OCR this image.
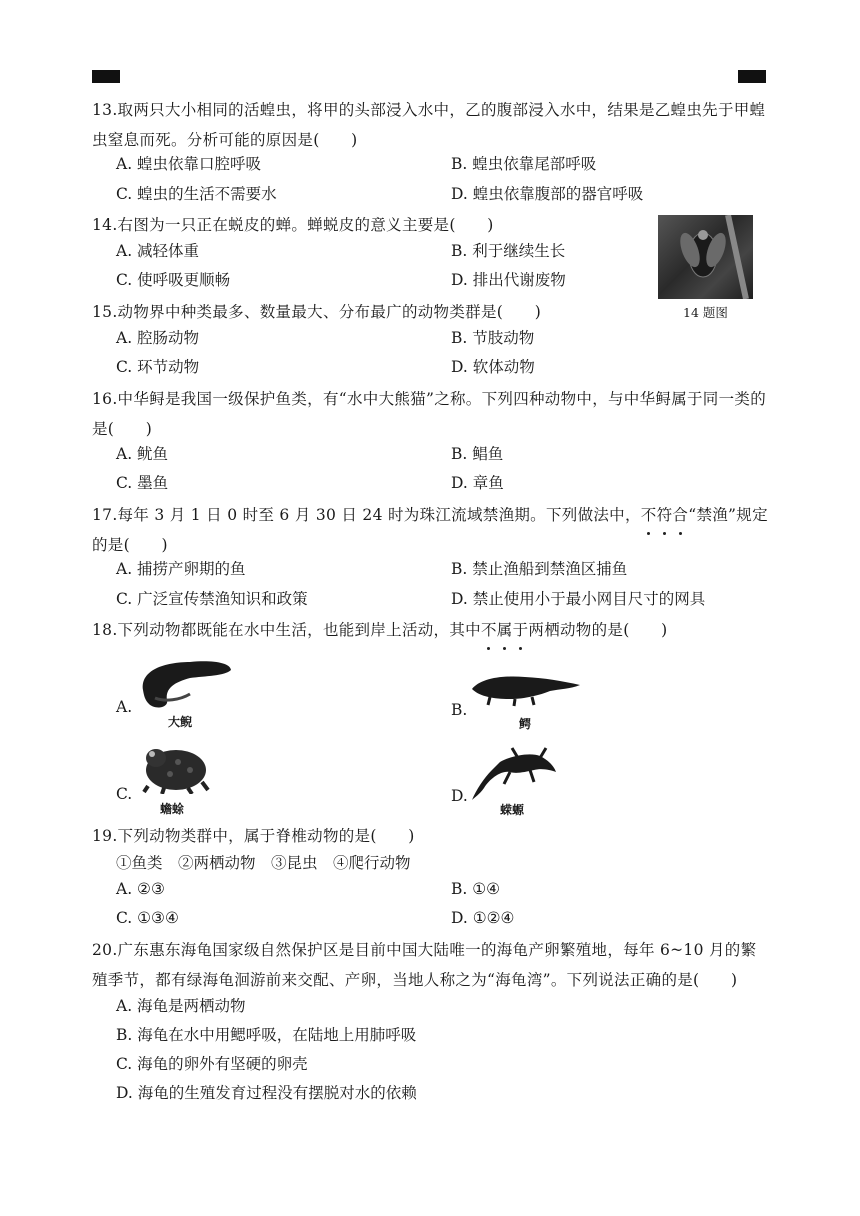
13.取两只大小相同的活蝗虫，将甲的头部浸入水中，乙的腹部浸入水中，结果是乙蝗虫先于甲蝗虫窒息而死。分析可能的原因是(　　)
A. 蝗虫依靠口腔呼吸	B. 蝗虫依靠尾部呼吸
C. 蝗虫的生活不需要水	D. 蝗虫依靠腹部的器官呼吸
14.右图为一只正在蜕皮的蝉。蝉蜕皮的意义主要是(　　)
A. 减轻体重	B. 利于继续生长
C. 使呼吸更顺畅	D. 排出代谢废物
14 题图
15.动物界中种类最多、数量最大、分布最广的动物类群是(　　)
A. 腔肠动物	B. 节肢动物
C. 环节动物	D. 软体动物
16.中华鲟是我国一级保护鱼类，有“水中大熊猫”之称。下列四种动物中，与中华鲟属于同一类的是(　　)
A. 鱿鱼	B. 鲳鱼
C. 墨鱼	D. 章鱼
17.每年 3 月 1 日 0 时至 6 月 30 日 24 时为珠江流域禁渔期。下列做法中，不符合“禁渔”规定的是(　　)
A. 捕捞产卵期的鱼	B. 禁止渔船到禁渔区捕鱼
C. 广泛宣传禁渔知识和政策	D. 禁止使用小于最小网目尺寸的网具
18.下列动物都既能在水中生活，也能到岸上活动，其中不属于两栖动物的是(　　)
A.	B.
C.	D.
大鲵	鳄
蟾蜍	蝾螈
19.下列动物类群中，属于脊椎动物的是(　　)
①鱼类　②两栖动物　③昆虫　④爬行动物
A. ②③	B. ①④
C. ①③④	D. ①②④
20.广东惠东海龟国家级自然保护区是目前中国大陆唯一的海龟产卵繁殖地，每年 6~10 月的繁殖季节，都有绿海龟洄游前来交配、产卵，当地人称之为“海龟湾”。下列说法正确的是(　　)
A. 海龟是两栖动物
B. 海龟在水中用鳃呼吸，在陆地上用肺呼吸
C. 海龟的卵外有坚硬的卵壳
D. 海龟的生殖发育过程没有摆脱对水的依赖
